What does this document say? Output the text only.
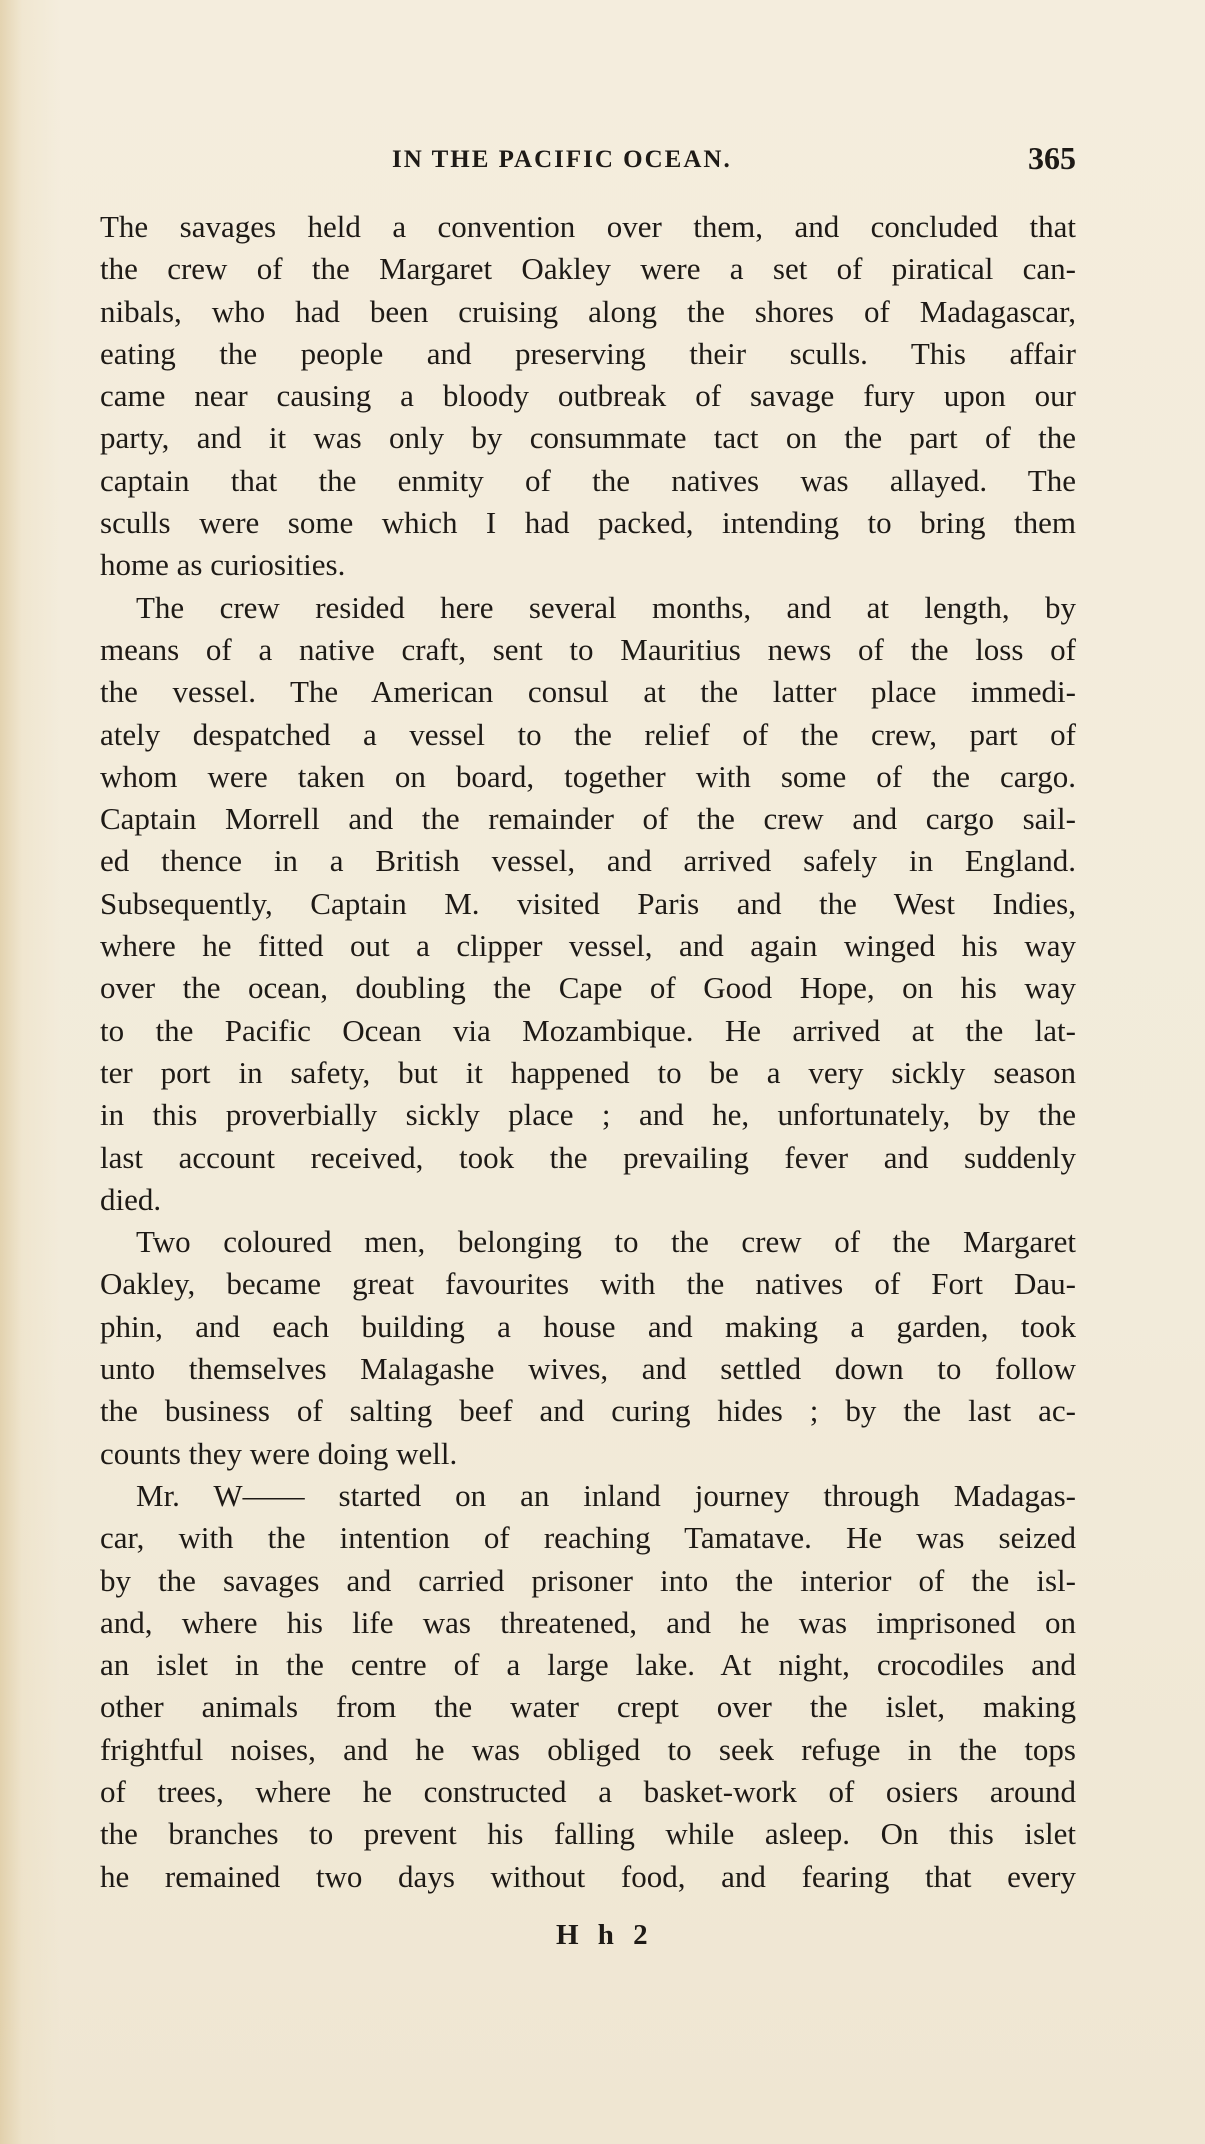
IN THE PACIFIC OCEAN.	365
The savages held a convention over them, and concluded that
the crew of the Margaret Oakley were a set of piratical can-
nibals, who had been cruising along the shores of Madagascar,
eating the people and preserving their sculls. This affair
came near causing a bloody outbreak of savage fury upon our
party, and it was only by consummate tact on the part of the
captain that the enmity of the natives was allayed. The
sculls were some which I had packed, intending to bring them
home as curiosities.
The crew resided here several months, and at length, by
means of a native craft, sent to Mauritius news of the loss of
the vessel. The American consul at the latter place immedi-
ately despatched a vessel to the relief of the crew, part of
whom were taken on board, together with some of the cargo.
Captain Morrell and the remainder of the crew and cargo sail-
ed thence in a British vessel, and arrived safely in England.
Subsequently, Captain M. visited Paris and the West Indies,
where he fitted out a clipper vessel, and again winged his way
over the ocean, doubling the Cape of Good Hope, on his way
to the Pacific Ocean via Mozambique. He arrived at the lat-
ter port in safety, but it happened to be a very sickly season
in this proverbially sickly place ; and he, unfortunately, by the
last account received, took the prevailing fever and suddenly
died.
Two coloured men, belonging to the crew of the Margaret
Oakley, became great favourites with the natives of Fort Dau-
phin, and each building a house and making a garden, took
unto themselves Malagashe wives, and settled down to follow
the business of salting beef and curing hides ; by the last ac-
counts they were doing well.
Mr. W—— started on an inland journey through Madagas-
car, with the intention of reaching Tamatave. He was seized
by the savages and carried prisoner into the interior of the isl-
and, where his life was threatened, and he was imprisoned on
an islet in the centre of a large lake. At night, crocodiles and
other animals from the water crept over the islet, making
frightful noises, and he was obliged to seek refuge in the tops
of trees, where he constructed a basket-work of osiers around
the branches to prevent his falling while asleep. On this islet
he remained two days without food, and fearing that every
H h 2
